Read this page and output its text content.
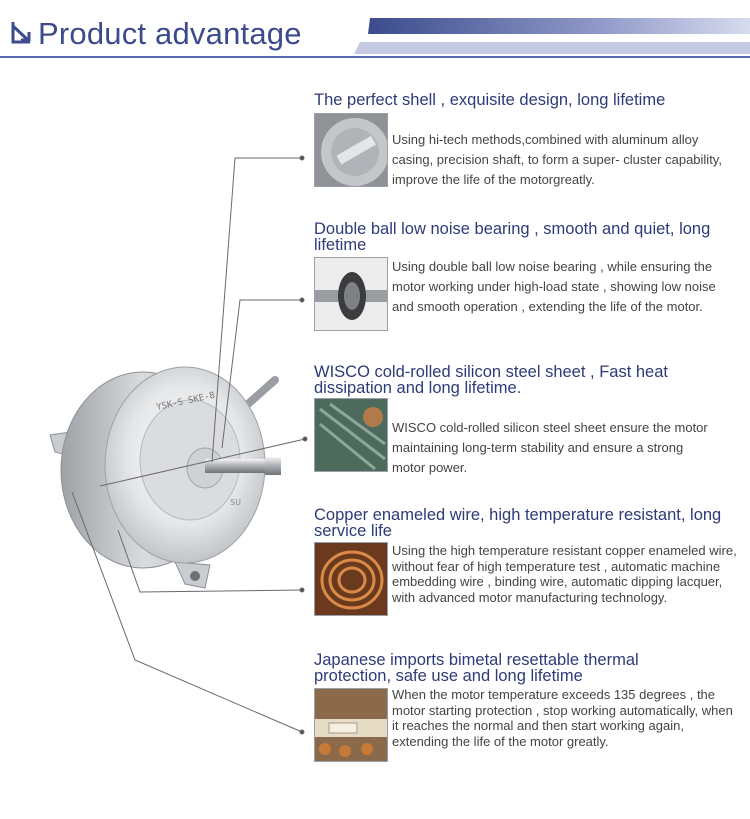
Product advantage
YSK-S SKE-8
SU
The perfect shell , exquisite design, long lifetime
Using hi-tech methods,combined with aluminum alloy casing, precision shaft, to form a super- cluster capability, improve the life of the motorgreatly.
Double ball low noise bearing , smooth and quiet, long lifetime
Using double ball low noise bearing , while ensuring the motor working under high-load state , showing low noise and smooth operation , extending the life of the motor.
WISCO cold-rolled silicon steel sheet , Fast heat dissipation and long lifetime.
WISCO cold-rolled silicon steel sheet ensure the motor maintaining long-term stability and ensure a strong motor power.
Copper enameled wire, high temperature resistant, long service life
Using the high temperature resistant copper enameled wire, without fear of high temperature test , automatic machine embedding wire , binding wire, automatic dipping lacquer, with advanced motor manufacturing technology.
Japanese imports bimetal resettable thermal protection, safe use and long lifetime
When the motor temperature exceeds 135 degrees , the motor starting protection , stop working automatically, when it reaches the normal and then start working again, extending the life of the motor greatly.
